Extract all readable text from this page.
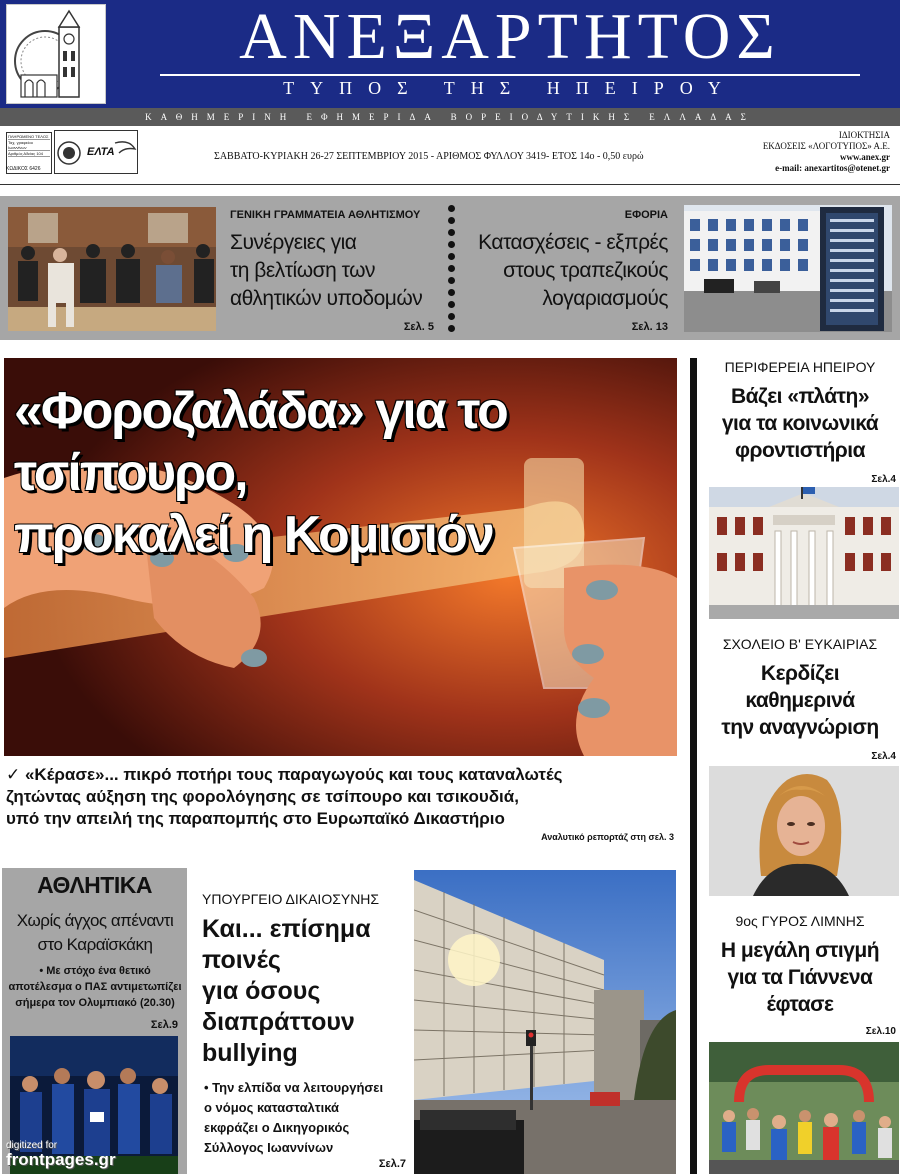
ΑΝΕΞΑΡΤΗΤΟΣ
ΤΥΠΟΣ ΤΗΣ ΗΠΕΙΡΟΥ
ΚΑΘΗΜΕΡΙΝΗ ΕΦΗΜΕΡΙΔΑ ΒΟΡΕΙΟΔΥΤΙΚΗΣ ΕΛΛΑΔΑΣ
ΠΛΗΡΩΜΕΝΟ ΤΕΛΟΣ
Ταχ. γραφείου Ιωαννίνων
Αριθμός Αδείας 104
ΚΩΔΙΚΟΣ 6426
ΕΛΤΑ	ΣΑΒΒΑΤΟ-ΚΥΡΙΑΚΗ 26-27 ΣΕΠΤΕΜΒΡΙΟΥ 2015 - ΑΡΙΘΜΟΣ ΦΥΛΛΟΥ 3419- ΕΤΟΣ 14ο - 0,50 ευρώ
ΙΔΙΟΚΤΗΣΙΑ
ΕΚΔΟΣΕΙΣ «ΛΟΓΟΤΥΠΟΣ» Α.Ε.
www.anex.gr
e-mail: anexartitos@otenet.gr
ΓΕΝΙΚΗ ΓΡΑΜΜΑΤΕΙΑ ΑΘΛΗΤΙΣΜΟΥ
Συνέργειες για
τη βελτίωση των
αθλητικών υποδομών
Σελ. 5
ΕΦΟΡΙΑ
Κατασχέσεις - εξπρές
στους τραπεζικούς
λογαριασμούς
Σελ. 13
«Φοροζαλάδα» για το τσίπουρο,
προκαλεί η Κομισιόν
✓ «Κέρασε»... πικρό ποτήρι τους παραγωγούς και τους καταναλωτές
ζητώντας αύξηση της φορολόγησης σε τσίπουρο και τσικουδιά,
υπό την απειλή της παραπομπής στο Ευρωπαϊκό Δικαστήριο
Αναλυτικό ρεπορτάζ στη σελ. 3
ΠΕΡΙΦΕΡΕΙΑ ΗΠΕΙΡΟΥ
Βάζει «πλάτη»
για τα κοινωνικά
φροντιστήρια
Σελ.4
ΣΧΟΛΕΙΟ Β' ΕΥΚΑΙΡΙΑΣ
Κερδίζει
καθημερινά
την αναγνώριση
Σελ.4
9ος ΓΥΡΟΣ ΛΙΜΝΗΣ
Η μεγάλη στιγμή
για τα Γιάννενα
έφτασε
Σελ.10
ΑΘΛΗΤΙΚΑ
Χωρίς άγχος απέναντι
στο Καραϊσκάκη
• Με στόχο ένα θετικό
αποτέλεσμα ο ΠΑΣ αντιμετωπίζει
σήμερα τον Ολυμπιακό (20.30)
Σελ.9
ΥΠΟΥΡΓΕΙΟ ΔΙΚΑΙΟΣΥΝΗΣ
Και... επίσημα
ποινές
για όσους
διαπράττουν
bullying
• Την ελπίδα να λειτουργήσει
ο νόμος κατασταλτικά
εκφράζει ο Δικηγορικός
Σύλλογος Ιωαννίνων
Σελ.7
digitized for
frontpages.gr
